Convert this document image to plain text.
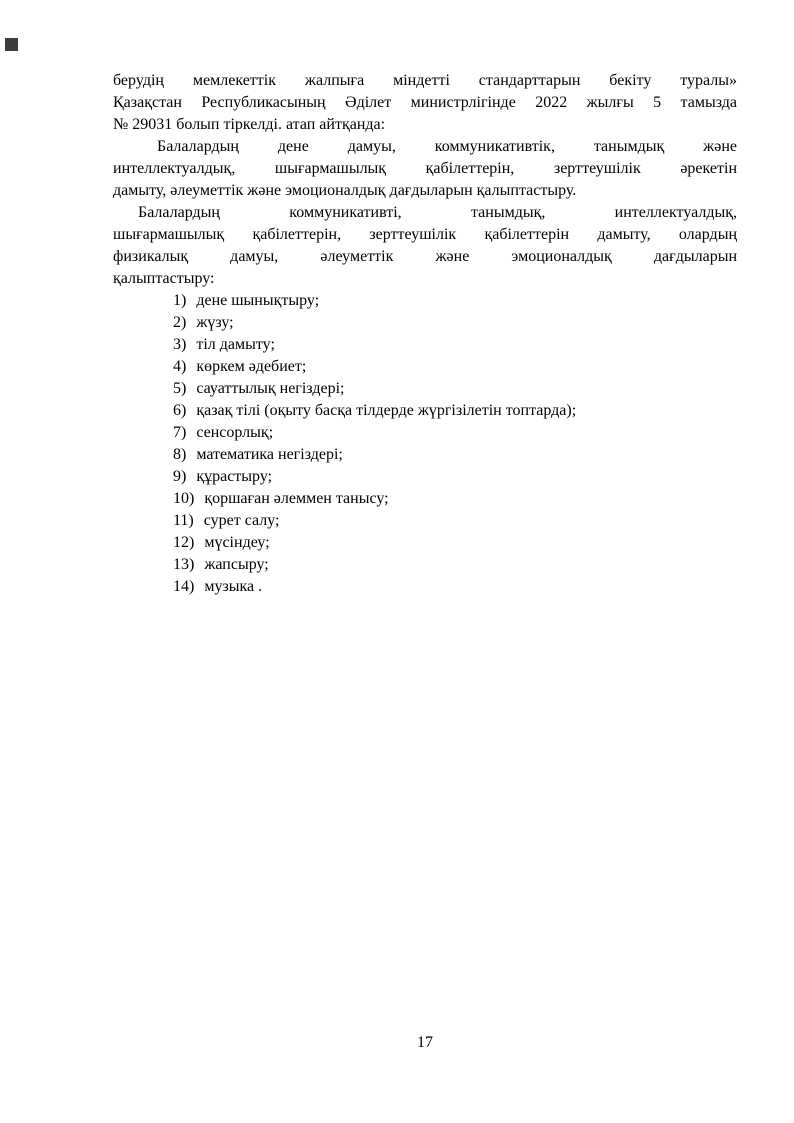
берудің мемлекеттік жалпыға міндетті стандарттарын бекіту туралы»
Қазақстан Республикасының Әділет министрлігінде 2022 жылғы 5 тамызда
№ 29031 болып тіркелді. атап айтқанда:
Балалардың дене дамуы, коммуникативтік, танымдық және
интеллектуалдық, шығармашылық қабілеттерін, зерттеушілік әрекетін
дамыту, әлеуметтік және эмоционалдық дағдыларын қалыптастыру.
Балалардың коммуникативті, танымдық, интеллектуалдық,
шығармашылық қабілеттерін, зерттеушілік қабілеттерін дамыту, олардың
физикалық дамуы, әлеуметтік және эмоционалдық дағдыларын
қалыптастыру:
1) дене шынықтыру;
2) жүзу;
3) тіл дамыту;
4) көркем әдебиет;
5) сауаттылық негіздері;
6) қазақ тілі (оқыту басқа тілдерде жүргізілетін топтарда);
7) сенсорлық;
8) математика негіздері;
9) құрастыру;
10) қоршаған әлеммен танысу;
11) сурет салу;
12) мүсіндеу;
13) жапсыру;
14) музыка .
17
